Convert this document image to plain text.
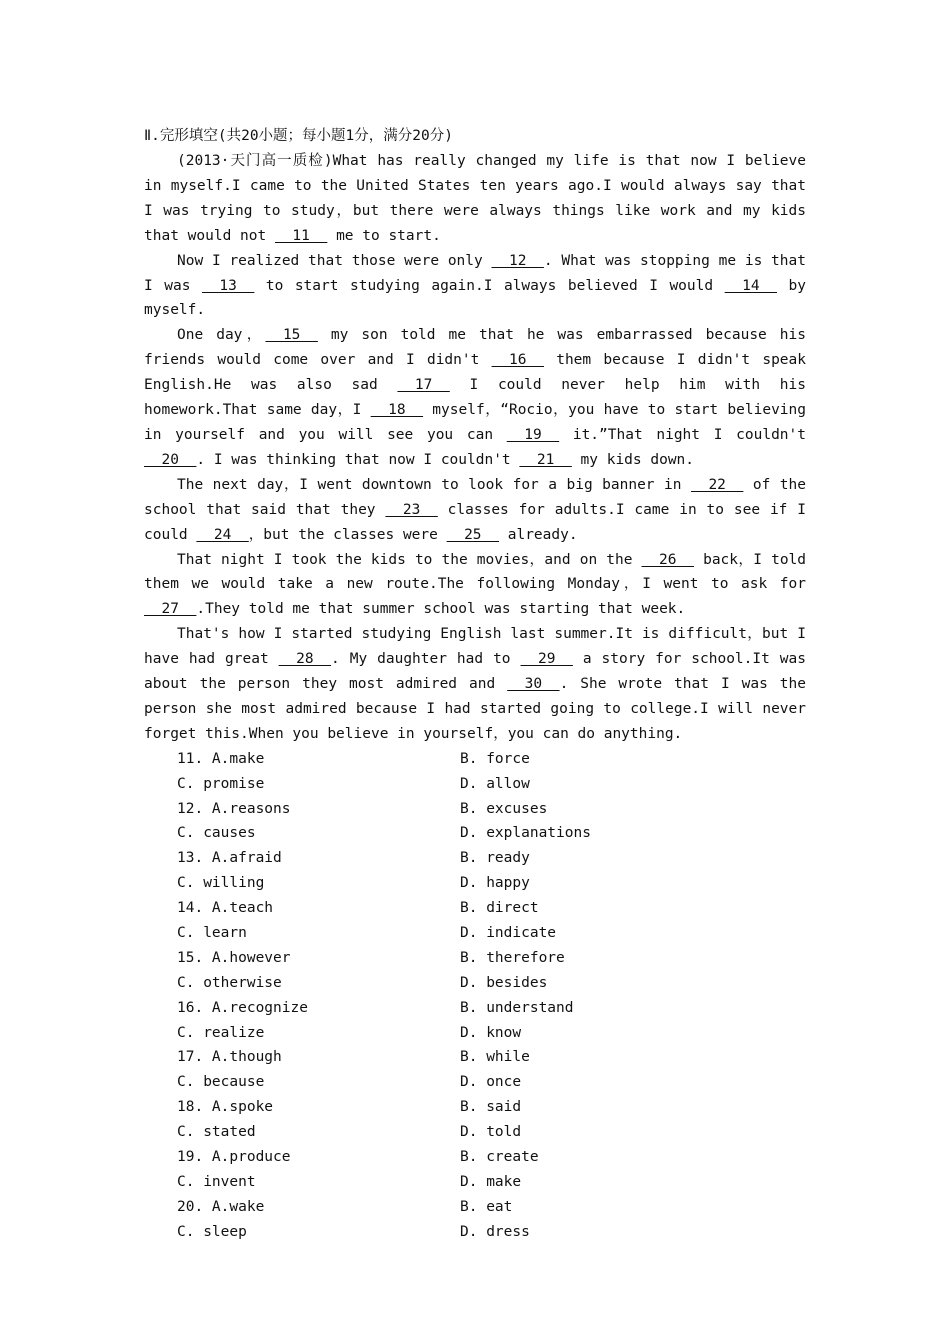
Ⅱ.完形填空(共20小题；每小题1分，满分20分)
(2013·天门高一质检)What has really changed my life is that now I believe in myself.I came to the United States ten years ago.I would always say that I was trying to study，but there were always things like work and my kids that would not   11   me to start.
Now I realized that those were only   12  . What was stopping me is that I was   13   to start studying again.I always believed I would   14   by myself.
One day，  15   my son told me that he was embarrassed because his friends would come over and I didn't   16   them because I didn't speak English.He was also sad   17   I could never help him with his homework.That same day，I   18   myself，“Rocio，you have to start believing in yourself and you will see you can   19   it.”That night I couldn't   20  . I was thinking that now I couldn't   21   my kids down.
The next day，I went downtown to look for a big banner in   22   of the school that said that they   23   classes for adults.I came in to see if I could   24  ，but the classes were   25   already.
That night I took the kids to the movies，and on the   26   back，I told them we would take a new route.The following Monday，I went to ask for   27  .They told me that summer school was starting that week.
That's how I started studying English last summer.It is difficult，but I have had great   28  . My daughter had to   29   a story for school.It was about the person they most admired and   30  . She wrote that I was the person she most admired because I had started going to college.I will never forget this.When you believe in yourself，you can do anything.
11. A.make	B. force
C. promise	D. allow
12. A.reasons	B. excuses
C. causes	D. explanations
13. A.afraid	B. ready
C. willing	D. happy
14. A.teach	B. direct
C. learn	D. indicate
15. A.however	B. therefore
C. otherwise	D. besides
16. A.recognize	B. understand
C. realize	D. know
17. A.though	B. while
C. because	D. once
18. A.spoke	B. said
C. stated	D. told
19. A.produce	B. create
C. invent	D. make
20. A.wake	B. eat
C. sleep	D. dress
